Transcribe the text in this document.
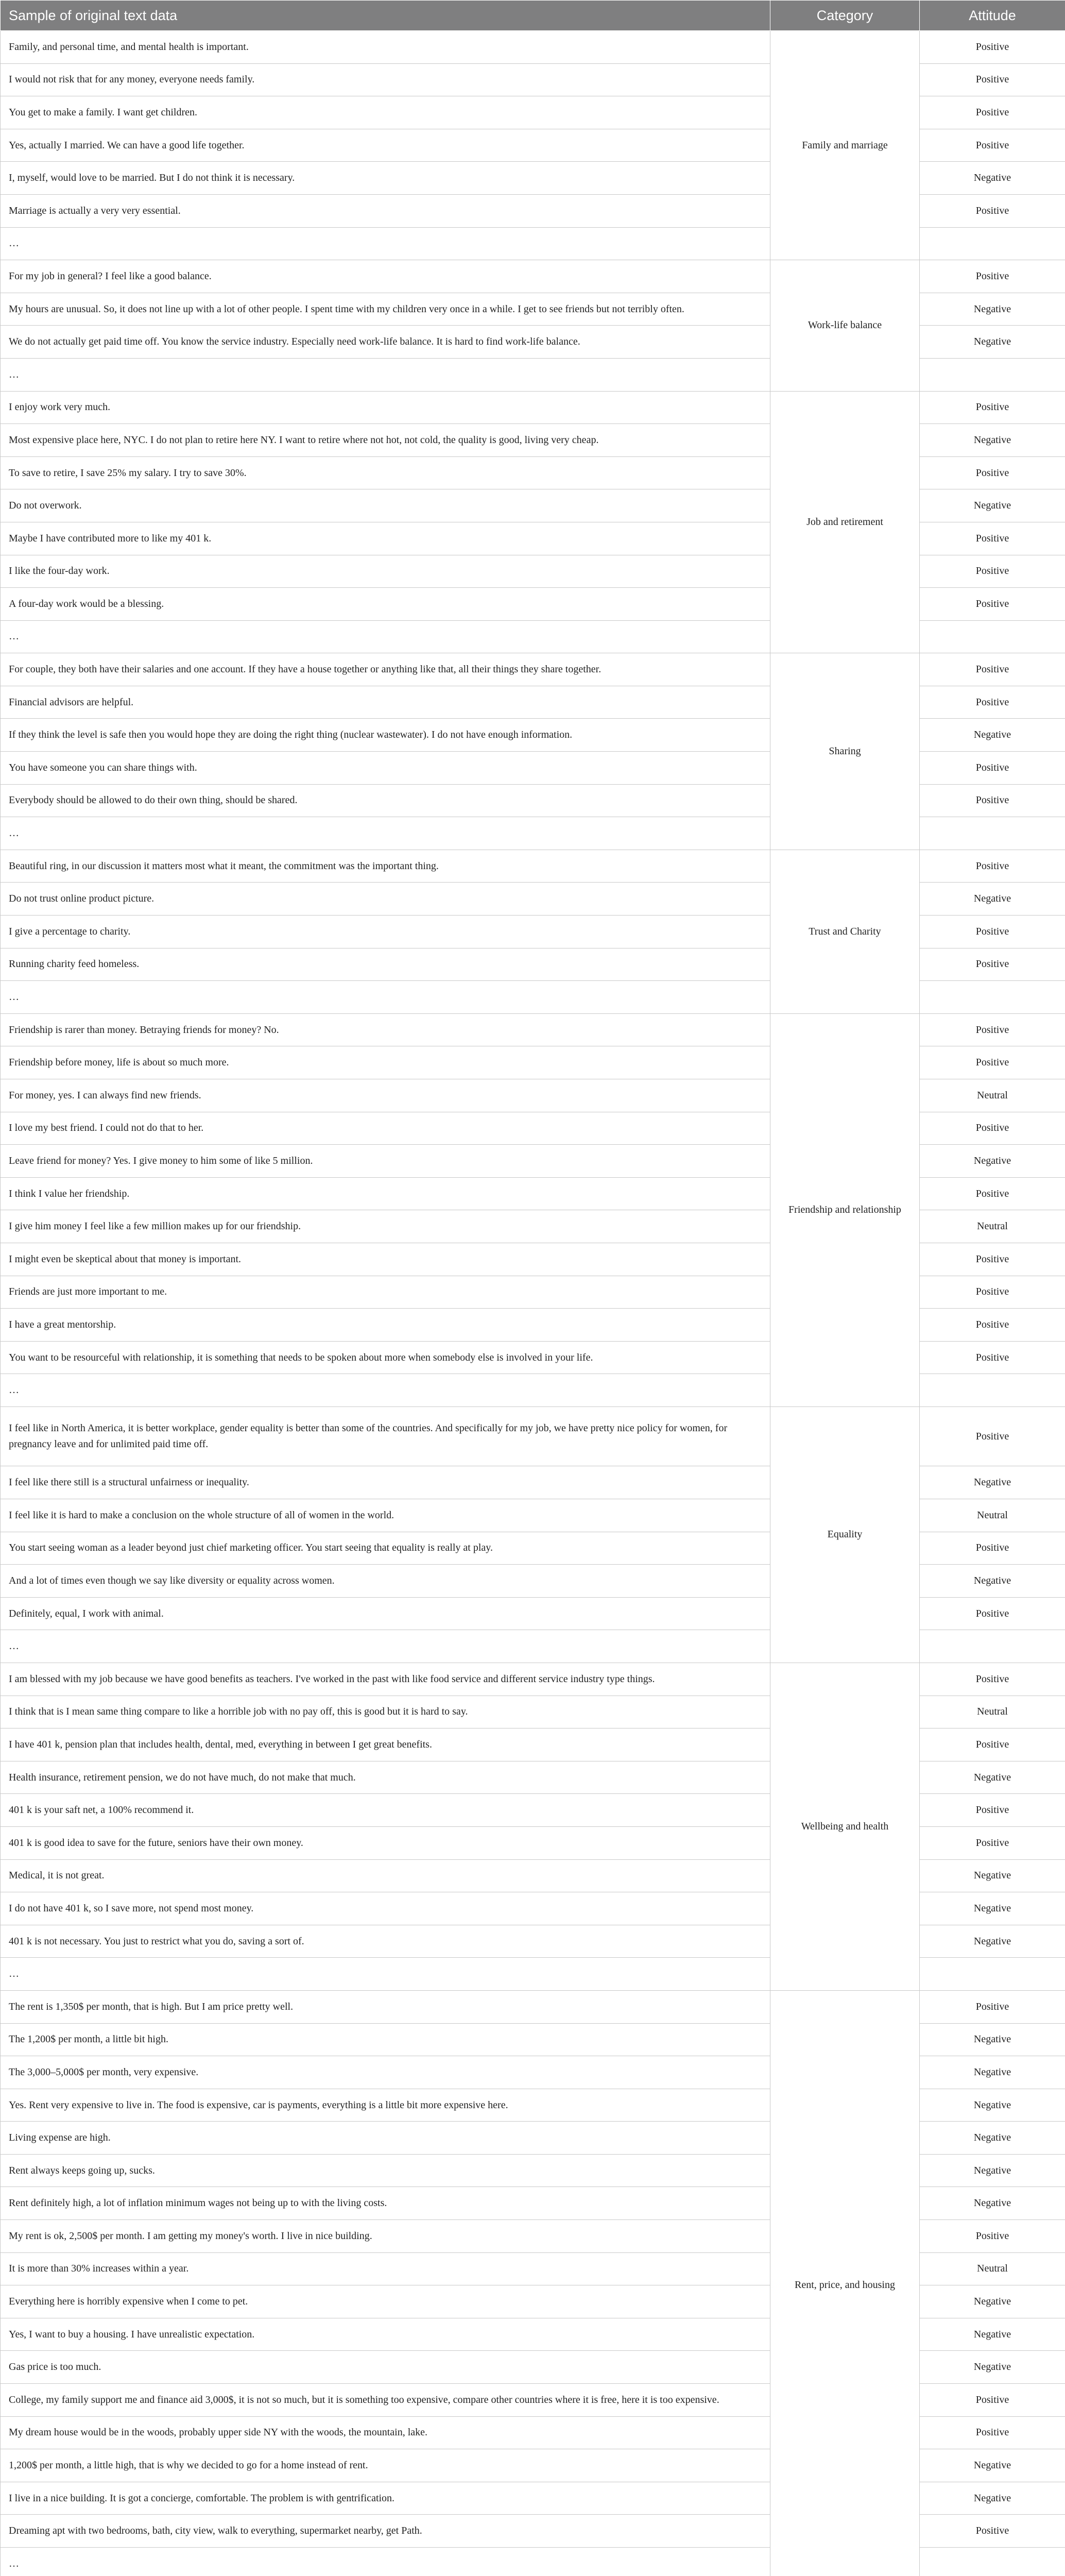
Sample of original text data	Category	Attitude
Family, and personal time, and mental health is important.	Family and marriage	Positive
I would not risk that for any money, everyone needs family.		Positive
You get to make a family. I want get children.		Positive
Yes, actually I married. We can have a good life together.		Positive
I, myself, would love to be married. But I do not think it is necessary.		Negative
Marriage is actually a very very essential.		Positive
…		
For my job in general? I feel like a good balance.	Work-life balance	Positive
My hours are unusual. So, it does not line up with a lot of other people. I spent time with my children very once in a while. I get to see friends but not terribly often.		Negative
We do not actually get paid time off. You know the service industry. Especially need work-life balance. It is hard to find work-life balance.		Negative
…		
I enjoy work very much.	Job and retirement	Positive
Most expensive place here, NYC. I do not plan to retire here NY. I want to retire where not hot, not cold, the quality is good, living very cheap.		Negative
To save to retire, I save 25% my salary. I try to save 30%.		Positive
Do not overwork.		Negative
Maybe I have contributed more to like my 401 k.		Positive
I like the four-day work.		Positive
A four-day work would be a blessing.		Positive
…		
For couple, they both have their salaries and one account. If they have a house together or anything like that, all their things they share together.	Sharing	Positive
Financial advisors are helpful.		Positive
If they think the level is safe then you would hope they are doing the right thing (nuclear wastewater). I do not have enough information.		Negative
You have someone you can share things with.		Positive
Everybody should be allowed to do their own thing, should be shared.		Positive
…		
Beautiful ring, in our discussion it matters most what it meant, the commitment was the important thing.	Trust and Charity	Positive
Do not trust online product picture.		Negative
I give a percentage to charity.		Positive
Running charity feed homeless.		Positive
…		
Friendship is rarer than money. Betraying friends for money? No.	Friendship and relationship	Positive
Friendship before money, life is about so much more.		Positive
For money, yes. I can always find new friends.		Neutral
I love my best friend. I could not do that to her.		Positive
Leave friend for money? Yes. I give money to him some of like 5 million.		Negative
I think I value her friendship.		Positive
I give him money I feel like a few million makes up for our friendship.		Neutral
I might even be skeptical about that money is important.		Positive
Friends are just more important to me.		Positive
I have a great mentorship.		Positive
You want to be resourceful with relationship, it is something that needs to be spoken about more when somebody else is involved in your life.		Positive
…		
I feel like in North America, it is better workplace, gender equality is better than some of the countries. And specifically for my job, we have pretty nice policy for women, for pregnancy leave and for unlimited paid time off.	Equality	Positive
I feel like there still is a structural unfairness or inequality.		Negative
I feel like it is hard to make a conclusion on the whole structure of all of women in the world.		Neutral
You start seeing woman as a leader beyond just chief marketing officer. You start seeing that equality is really at play.		Positive
And a lot of times even though we say like diversity or equality across women.		Negative
Definitely, equal, I work with animal.		Positive
…		
I am blessed with my job because we have good benefits as teachers. I've worked in the past with like food service and different service industry type things.	Wellbeing and health	Positive
I think that is I mean same thing compare to like a horrible job with no pay off, this is good but it is hard to say.		Neutral
I have 401 k, pension plan that includes health, dental, med, everything in between I get great benefits.		Positive
Health insurance, retirement pension, we do not have much, do not make that much.		Negative
401 k is your saft net, a 100% recommend it.		Positive
401 k is good idea to save for the future, seniors have their own money.		Positive
Medical, it is not great.		Negative
I do not have 401 k, so I save more, not spend most money.		Negative
401 k is not necessary. You just to restrict what you do, saving a sort of.		Negative
…		
The rent is 1,350$ per month, that is high. But I am price pretty well.	Rent, price, and housing	Positive
The 1,200$ per month, a little bit high.		Negative
The 3,000–5,000$ per month, very expensive.		Negative
Yes. Rent very expensive to live in. The food is expensive, car is payments, everything is a little bit more expensive here.		Negative
Living expense are high.		Negative
Rent always keeps going up, sucks.		Negative
Rent definitely high, a lot of inflation minimum wages not being up to with the living costs.		Negative
My rent is ok, 2,500$ per month. I am getting my money's worth. I live in nice building.		Positive
It is more than 30% increases within a year.		Neutral
Everything here is horribly expensive when I come to pet.		Negative
Yes, I want to buy a housing. I have unrealistic expectation.		Negative
Gas price is too much.		Negative
College, my family support me and finance aid 3,000$, it is not so much, but it is something too expensive, compare other countries where it is free, here it is too expensive.		Positive
My dream house would be in the woods, probably upper side NY with the woods, the mountain, lake.		Positive
1,200$ per month, a little high, that is why we decided to go for a home instead of rent.		Negative
I live in a nice building. It is got a concierge, comfortable. The problem is with gentrification.		Negative
Dreaming apt with two bedrooms, bath, city view, walk to everything, supermarket nearby, get Path.		Positive
…		
